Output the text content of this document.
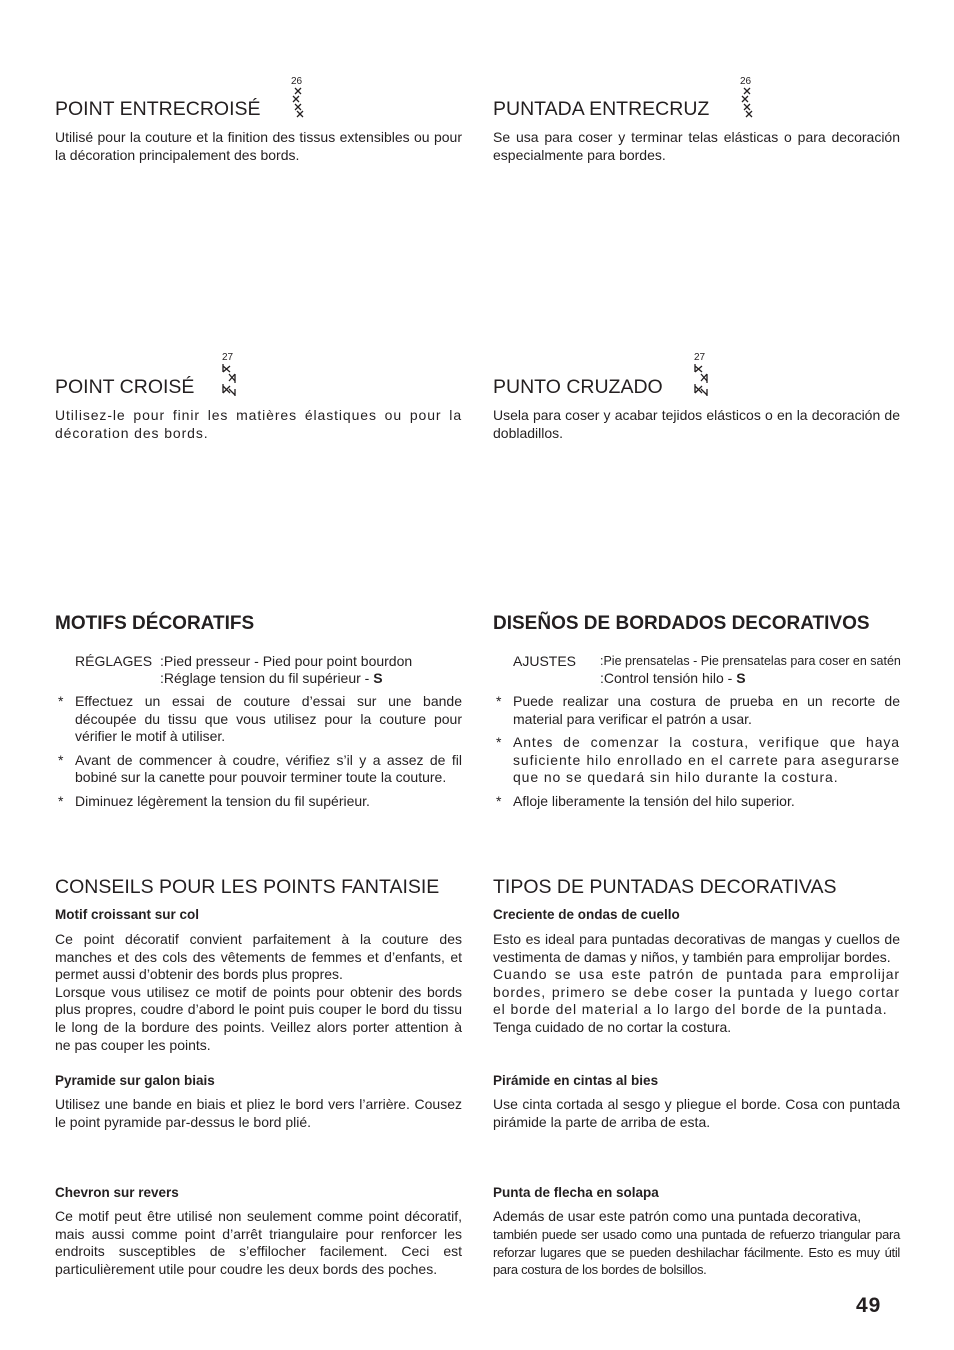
POINT ENTRECROISÉ

Utilisé pour la couture et la finition des tissus extensibles ou pour la décoration principalement des bords.

26
PUNTADA ENTRECRUZ

Se usa para coser y terminar telas elásticas o para decoración especialmente para bordes.

26
POINT CROISÉ

Utilisez-le pour finir les matières élastiques ou pour la décoration des bords.

27
PUNTO CRUZADO

Usela para coser y acabar tejidos elásticos o en la decoración de dobladillos.

27
MOTIFS DÉCORATIFS
RÉGLAGES :Pied presseur - Pied pour point bourdon
:Réglage tension du fil supérieur - S
* Effectuez un essai de couture d’essai sur une bande découpée du tissu que vous utilisez pour la couture pour vérifier le motif à utiliser.
* Avant de commencer à coudre, vérifiez s’il y a assez de fil bobiné sur la canette pour pouvoir terminer toute la couture.
* Diminuez légèrement la tension du fil supérieur.
DISEÑOS DE BORDADOS DECORATIVOS
AJUSTES :Pie prensatelas - Pie prensatelas para coser en satén
:Control tensión hilo - S
* Puede realizar una costura de prueba en un recorte de material para verificar el patrón a usar.
* Antes de comenzar la costura, verifique que haya suficiente hilo enrollado en el carrete para asegurarse que no se quedará sin hilo durante la costura.
* Afloje liberamente la tensión del hilo superior.
CONSEILS POUR LES POINTS FANTAISIE

Motif croissant sur col

Ce point décoratif convient parfaitement à la couture des manches et des cols des vêtements de femmes et d’enfants, et permet aussi d’obtenir des bords plus propres.

Lorsque vous utilisez ce motif de points pour obtenir des bords plus propres, coudre d’abord le point puis couper le bord du tissu le long de la bordure des points. Veillez alors porter attention à ne pas couper les points.

Pyramide sur galon biais

Utilisez une bande en biais et pliez le bord vers l’arrière. Cousez le point pyramide par-dessus le bord plié.

Chevron sur revers

Ce motif peut être utilisé non seulement comme point décoratif, mais aussi comme point d’arrêt triangulaire pour renforcer les endroits susceptibles de s’effilocher facilement. Ceci est particulièrement utile pour coudre les deux bords des poches.

TIPOS DE PUNTADAS DECORATIVAS

Creciente de ondas de cuello

Esto es ideal para puntadas decorativas de mangas y cuellos de vestimenta de damas y niños, y también para emprolijar bordes.

Cuando se usa este patrón de puntada para emprolijar bordes, primero se debe coser la puntada y luego cortar el borde del material a lo largo del borde de la puntada.

Tenga cuidado de no cortar la costura.

Pirámide en cintas al bies

Use cinta cortada al sesgo y pliegue el borde. Cosa con puntada pirámide la parte de arriba de esta.

Punta de flecha en solapa

Además de usar este patrón como una puntada decorativa,

también puede ser usado como una puntada de refuerzo triangular para reforzar lugares que se pueden deshilachar fácilmente. Esto es muy útil para costura de los bordes de bolsillos.

49
